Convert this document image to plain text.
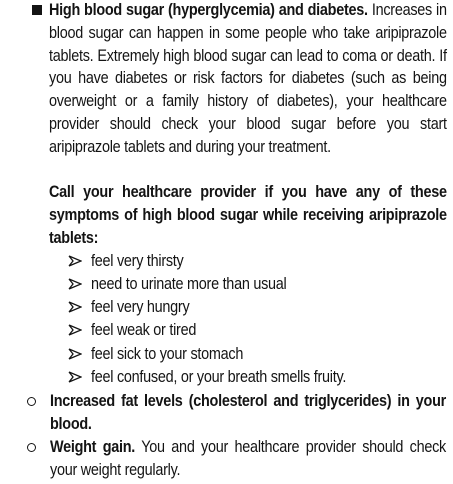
High blood sugar (hyperglycemia) and diabetes. Increases in blood sugar can happen in some people who take aripiprazole tablets. Extremely high blood sugar can lead to coma or death. If you have diabetes or risk factors for diabetes (such as being overweight or a family history of diabetes), your healthcare provider should check your blood sugar before you start aripiprazole tablets and during your treatment.
Call your healthcare provider if you have any of these symptoms of high blood sugar while receiving aripiprazole tablets:
feel very thirsty
need to urinate more than usual
feel very hungry
feel weak or tired
feel sick to your stomach
feel confused, or your breath smells fruity.
Increased fat levels (cholesterol and triglycerides) in your blood.
Weight gain. You and your healthcare provider should check your weight regularly.
